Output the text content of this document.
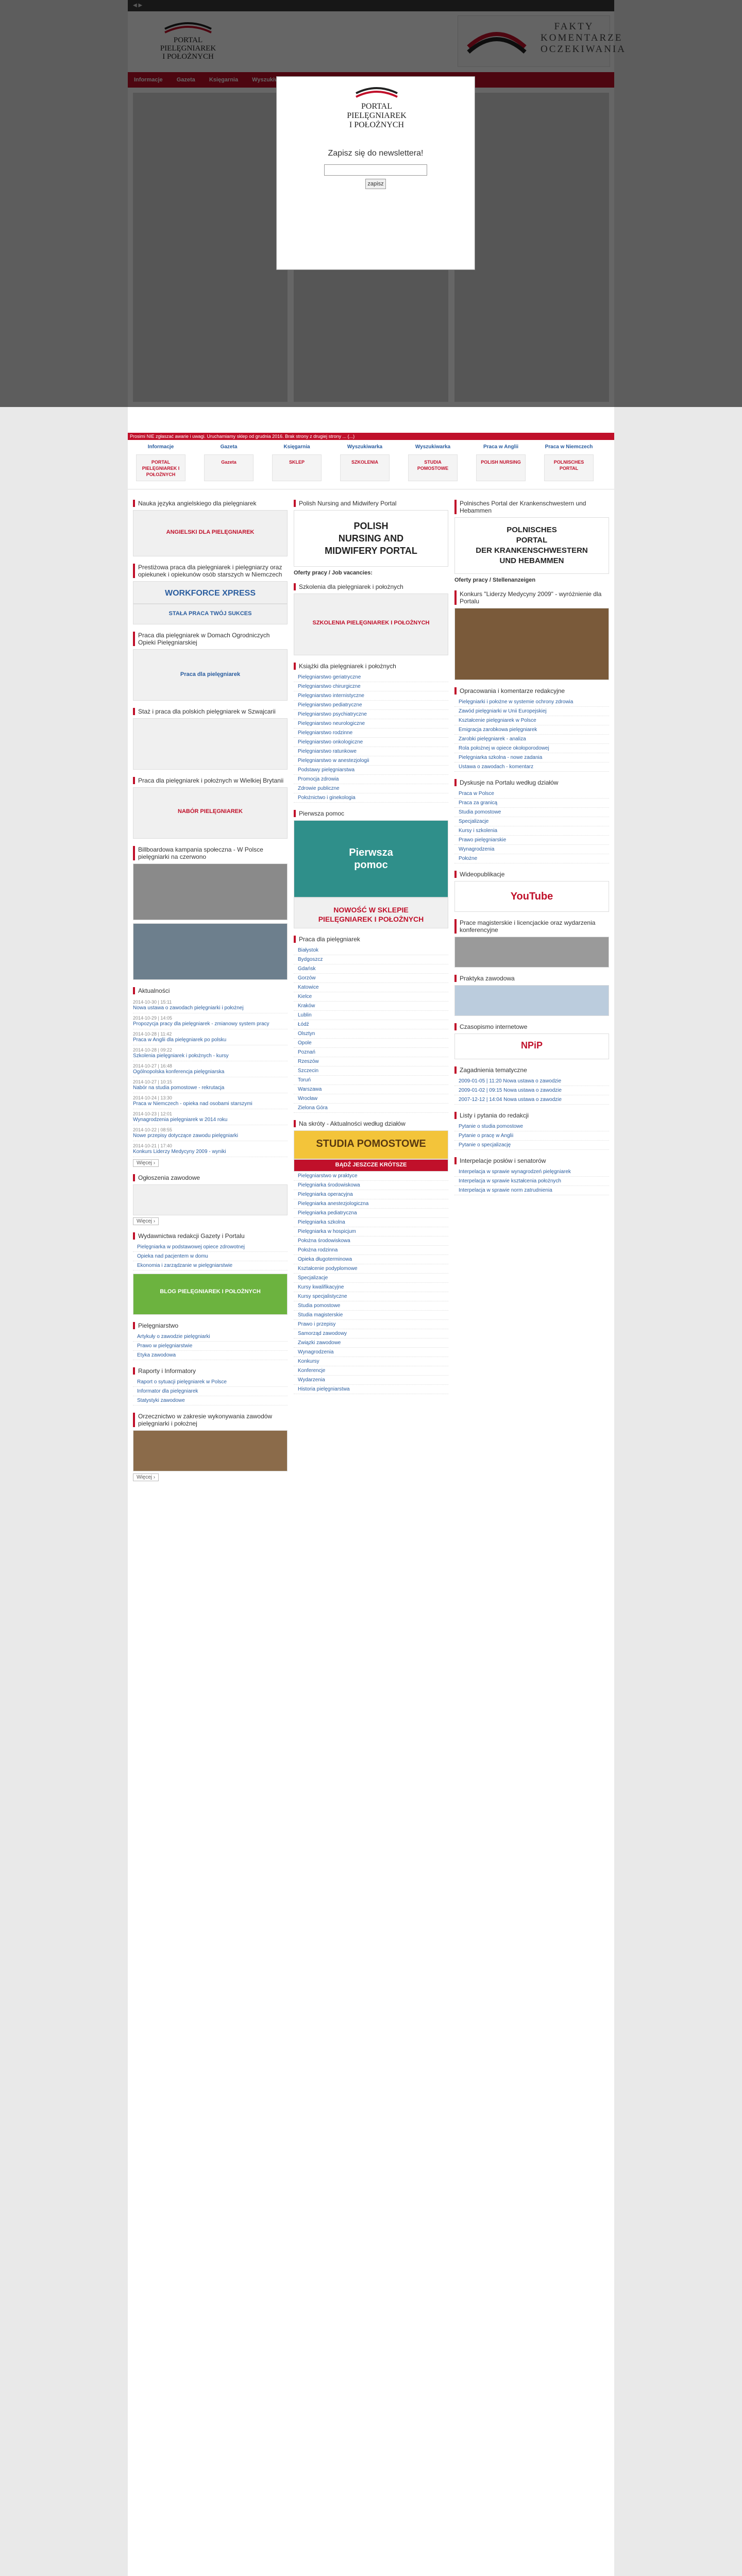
Prosimi NIE zgłaszać awarie i uwagi. Uruchamiamy sklep od grudnia 2016. Brak strony z drugiej strony ... (...)
Informacje
PORTAL PIELĘGNIAREK I POŁOŻNYCH
Gazeta
Gazeta
Księgarnia
SKLEP
Wyszukiwarka
SZKOLENIA
Wyszukiwarka
STUDIA POMOSTOWE
Praca w Anglii
POLISH NURSING
Praca w Niemczech
POLNISCHES PORTAL
Nauka języka angielskiego dla pielęgniarek
ANGIELSKI DLA PIELĘGNIAREK
Prestiżowa praca dla pielęgniarek i pielęgniarzy oraz opiekunek i opiekunów osób starszych w Niemczech
WORKFORCE XPRESS
STAŁA PRACA TWÓJ SUKCES
Praca dla pielęgniarek w Domach Ogrodniczych Opieki Pielęgniarskiej
Praca dla pielęgniarek
Staż i praca dla polskich pielęgniarek w Szwajcarii
Praca dla pielęgniarek i położnych w Wielkiej Brytanii
NABÓR PIELĘGNIAREK
Billboardowa kampania społeczna - W Polsce pielęgniarki na czerwono
Aktualności
2014-10-30 | 15:11
Nowa ustawa o zawodach pielęgniarki i położnej
2014-10-29 | 14:05
Propozycja pracy dla pielęgniarek - zmianowy system pracy
2014-10-28 | 11:42
Praca w Anglii dla pielęgniarek po polsku
2014-10-28 | 09:22
Szkolenia pielęgniarek i położnych - kursy
2014-10-27 | 16:48
Ogólnopolska konferencja pielęgniarska
2014-10-27 | 10:15
Nabór na studia pomostowe - rekrutacja
2014-10-24 | 13:30
Praca w Niemczech - opieka nad osobami starszymi
2014-10-23 | 12:01
Wynagrodzenia pielęgniarek w 2014 roku
2014-10-22 | 08:55
Nowe przepisy dotyczące zawodu pielęgniarki
2014-10-21 | 17:40
Konkurs Liderzy Medycyny 2009 - wyniki
Więcej ›
Ogłoszenia zawodowe
Więcej ›
Wydawnictwa redakcji Gazety i Portalu
Pielęgniarka w podstawowej opiece zdrowotnej
Opieka nad pacjentem w domu
Ekonomia i zarządzanie w pielęgniarstwie
BLOG PIELĘGNIAREK I POŁOŻNYCH
Pielęgniarstwo
Artykuły o zawodzie pielęgniarki
Prawo w pielęgniarstwie
Etyka zawodowa
Raporty i Informatory
Raport o sytuacji pielęgniarek w Polsce
Informator dla pielęgniarek
Statystyki zawodowe
Orzecznictwo w zakresie wykonywania zawodów pielęgniarki i położnej
Więcej ›
Polish Nursing and Midwifery Portal
POLISH
NURSING AND
MIDWIFERY PORTAL
Oferty pracy / Job vacancies:
Szkolenia dla pielęgniarek i położnych
SZKOLENIA PIELĘGNIAREK I POŁOŻNYCH
Książki dla pielęgniarek i położnych
Pielęgniarstwo geriatryczne
Pielęgniarstwo chirurgiczne
Pielęgniarstwo internistyczne
Pielęgniarstwo pediatryczne
Pielęgniarstwo psychiatryczne
Pielęgniarstwo neurologiczne
Pielęgniarstwo rodzinne
Pielęgniarstwo onkologiczne
Pielęgniarstwo ratunkowe
Pielęgniarstwo w anestezjologii
Podstawy pielęgniarstwa
Promocja zdrowia
Zdrowie publiczne
Położnictwo i ginekologia
Pierwsza pomoc
Pierwsza
pomoc
NOWOŚĆ W SKLEPIE
PIELĘGNIAREK I POŁOŻNYCH
Praca dla pielęgniarek
Białystok
Bydgoszcz
Gdańsk
Gorzów
Katowice
Kielce
Kraków
Lublin
Łódź
Olsztyn
Opole
Poznań
Rzeszów
Szczecin
Toruń
Warszawa
Wrocław
Zielona Góra
Na skróty - Aktualności według działów
STUDIA POMOSTOWE
BĄDŹ JESZCZE KRÓTSZE
Pielęgniarstwo w praktyce
Pielęgniarka środowiskowa
Pielęgniarka operacyjna
Pielęgniarka anestezjologiczna
Pielęgniarka pediatryczna
Pielęgniarka szkolna
Pielęgniarka w hospicjum
Położna środowiskowa
Położna rodzinna
Opieka długoterminowa
Kształcenie podyplomowe
Specjalizacje
Kursy kwalifikacyjne
Kursy specjalistyczne
Studia pomostowe
Studia magisterskie
Prawo i przepisy
Samorząd zawodowy
Związki zawodowe
Wynagrodzenia
Konkursy
Konferencje
Wydarzenia
Historia pielęgniarstwa
Polnisches Portal der Krankenschwestern und Hebammen
POLNISCHES
PORTAL
DER KRANKENSCHWESTERN
UND HEBAMMEN
Oferty pracy / Stellenanzeigen
Konkurs "Liderzy Medycyny 2009" - wyróżnienie dla Portalu
Opracowania i komentarze redakcyjne
Pielęgniarki i położne w systemie ochrony zdrowia
Zawód pielęgniarki w Unii Europejskiej
Kształcenie pielęgniarek w Polsce
Emigracja zarobkowa pielęgniarek
Zarobki pielęgniarek - analiza
Rola położnej w opiece okołoporodowej
Pielęgniarka szkolna - nowe zadania
Ustawa o zawodach - komentarz
Dyskusje na Portalu według działów
Praca w Polsce
Praca za granicą
Studia pomostowe
Specjalizacje
Kursy i szkolenia
Prawo pielęgniarskie
Wynagrodzenia
Położne
Wideopublikacje
YouTube
Prace magisterskie i licencjackie oraz wydarzenia konferencyjne
Praktyka zawodowa
Czasopismo internetowe
NPiP
Zagadnienia tematyczne
2009-01-05 | 11:20 Nowa ustawa o zawodzie
2009-01-02 | 09:15 Nowa ustawa o zawodzie
2007-12-12 | 14:04 Nowa ustawa o zawodzie
Listy i pytania do redakcji
Pytanie o studia pomostowe
Pytanie o pracę w Anglii
Pytanie o specjalizację
Interpelacje posłów i senatorów
Interpelacja w sprawie wynagrodzeń pielęgniarek
Interpelacja w sprawie kształcenia położnych
Interpelacja w sprawie norm zatrudnienia
PORTAL
PIELĘGNIAREK
I POŁOŻNYCH
Zapisz się do newslettera!
zapisz
